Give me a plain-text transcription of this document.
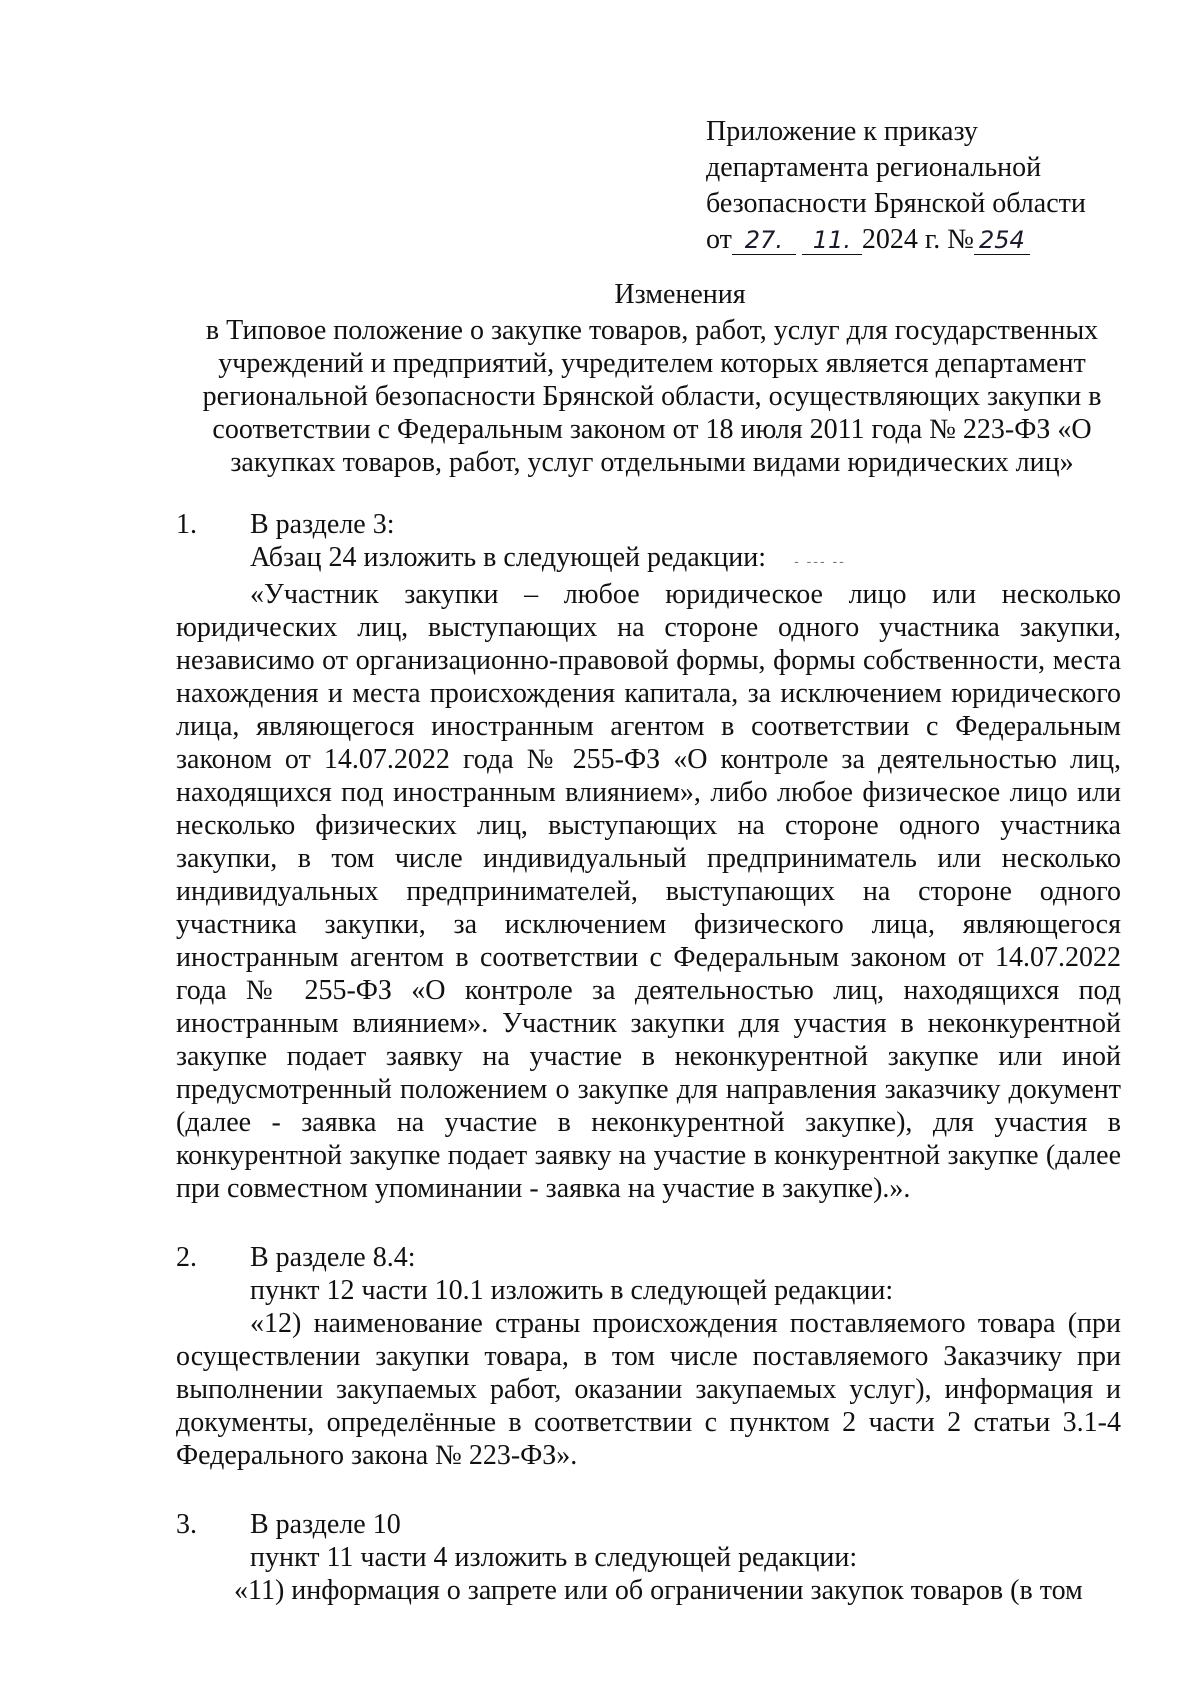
Приложение к приказу
департамента региональной
безопасности Брянской области
от 27. 11. 2024 г. № 254
Изменения
в Типовое положение о закупке товаров, работ, услуг для государственных учреждений и предприятий, учредителем которых является департамент региональной безопасности Брянской области, осуществляющих закупки в соответствии с Федеральным законом от 18 июля 2011 года № 223-ФЗ «О закупках товаров, работ, услуг отдельными видами юридических лиц»
1. В разделе 3:
Абзац 24 изложить в следующей редакции: - --- --
«Участник закупки – любое юридическое лицо или несколько юридических лиц, выступающих на стороне одного участника закупки, независимо от организационно-правовой формы, формы собственности, места нахождения и места происхождения капитала, за исключением юридического лица, являющегося иностранным агентом в соответствии с Федеральным законом от 14.07.2022 года № 255-ФЗ «О контроле за деятельностью лиц, находящихся под иностранным влиянием», либо любое физическое лицо или несколько физических лиц, выступающих на стороне одного участника закупки, в том числе индивидуальный предприниматель или несколько индивидуальных предпринимателей, выступающих на стороне одного участника закупки, за исключением физического лица, являющегося иностранным агентом в соответствии с Федеральным законом от 14.07.2022 года № 255-ФЗ «О контроле за деятельностью лиц, находящихся под иностранным влиянием». Участник закупки для участия в неконкурентной закупке подает заявку на участие в неконкурентной закупке или иной предусмотренный положением о закупке для направления заказчику документ (далее - заявка на участие в неконкурентной закупке), для участия в конкурентной закупке подает заявку на участие в конкурентной закупке (далее при совместном упоминании - заявка на участие в закупке).».
2. В разделе 8.4:
пункт 12 части 10.1 изложить в следующей редакции:
«12) наименование страны происхождения поставляемого товара (при осуществлении закупки товара, в том числе поставляемого Заказчику при выполнении закупаемых работ, оказании закупаемых услуг), информация и документы, определённые в соответствии с пунктом 2 части 2 статьи 3.1-4 Федерального закона № 223-ФЗ».
3. В разделе 10
пункт 11 части 4 изложить в следующей редакции:
«11) информация о запрете или об ограничении закупок товаров (в том
